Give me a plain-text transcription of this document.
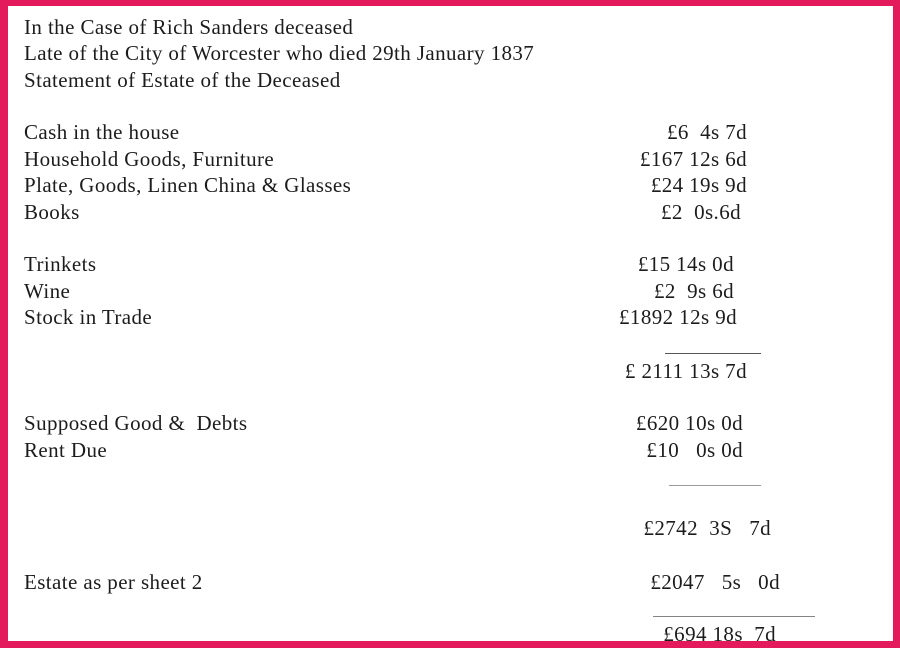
In the Case of Rich Sanders deceased
Late of the City of Worcester who died 29th January 1837
Statement of Estate of the Deceased
Cash in the house
Household Goods, Furniture
Plate, Goods, Linen China & Glasses
Books
£6  4s 7d
£167 12s 6d
£24 19s 9d
£2  0s.6d
Trinkets
Wine
Stock in Trade
£15 14s 0d
£2  9s 6d
£1892 12s 9d
£ 2111 13s 7d
Supposed Good &  Debts
Rent Due
£620 10s 0d
£10   0s 0d
£2742  3S   7d
Estate as per sheet 2	£2047   5s   0d
£694 18s  7d
